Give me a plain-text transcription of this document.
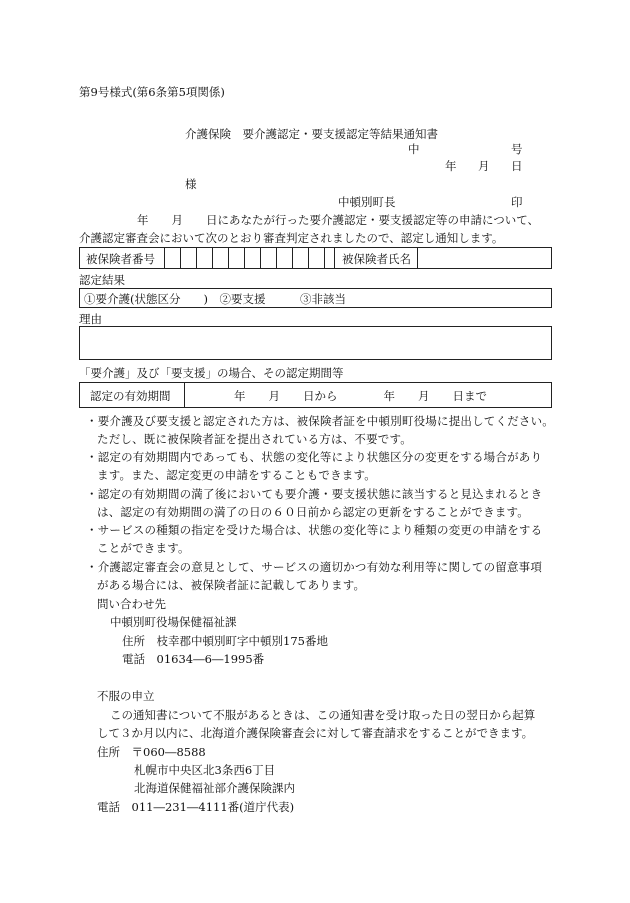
第9号様式(第6条第5項関係)
介護保険　要介護認定・要支援認定等結果通知書
中	号
年 月 日
様
中頓別町長	印
年　　月　　日にあなたが行った要介護認定・要支援認定等の申請について、
介護認定審査会において次のとおり審査判定されましたので、認定し通知します。
被保険者番号	被保険者氏名
認定結果
①要介護(状態区分　　)　②要支援　　　③非該当
理由
「要介護」及び「要支援」の場合、その認定期間等
認定の有効期間	年　　月　　日から　　　　年　　月　　日まで
・要介護及び要支援と認定された方は、被保険者証を中頓別町役場に提出してください。
ただし、既に被保険者証を提出されている方は、不要です。
・認定の有効期間内であっても、状態の変化等により状態区分の変更をする場合があり
ます。また、認定変更の申請をすることもできます。
・認定の有効期間の満了後においても要介護・要支援状態に該当すると見込まれるとき
は、認定の有効期間の満了の日の６０日前から認定の更新をすることができます。
・サービスの種類の指定を受けた場合は、状態の変化等により種類の変更の申請をする
ことができます。
・介護認定審査会の意見として、サービスの適切かつ有効な利用等に関しての留意事項
がある場合には、被保険者証に記載してあります。
問い合わせ先
中頓別町役場保健福祉課
住所　枝幸郡中頓別町字中頓別175番地
電話　01634―6―1995番
不服の申立
この通知書について不服があるときは、この通知書を受け取った日の翌日から起算
して３か月以内に、北海道介護保険審査会に対して審査請求をすることができます。
住所　〒060―8588
札幌市中央区北3条西6丁目
北海道保健福祉部介護保険課内
電話　011―231―4111番(道庁代表)
